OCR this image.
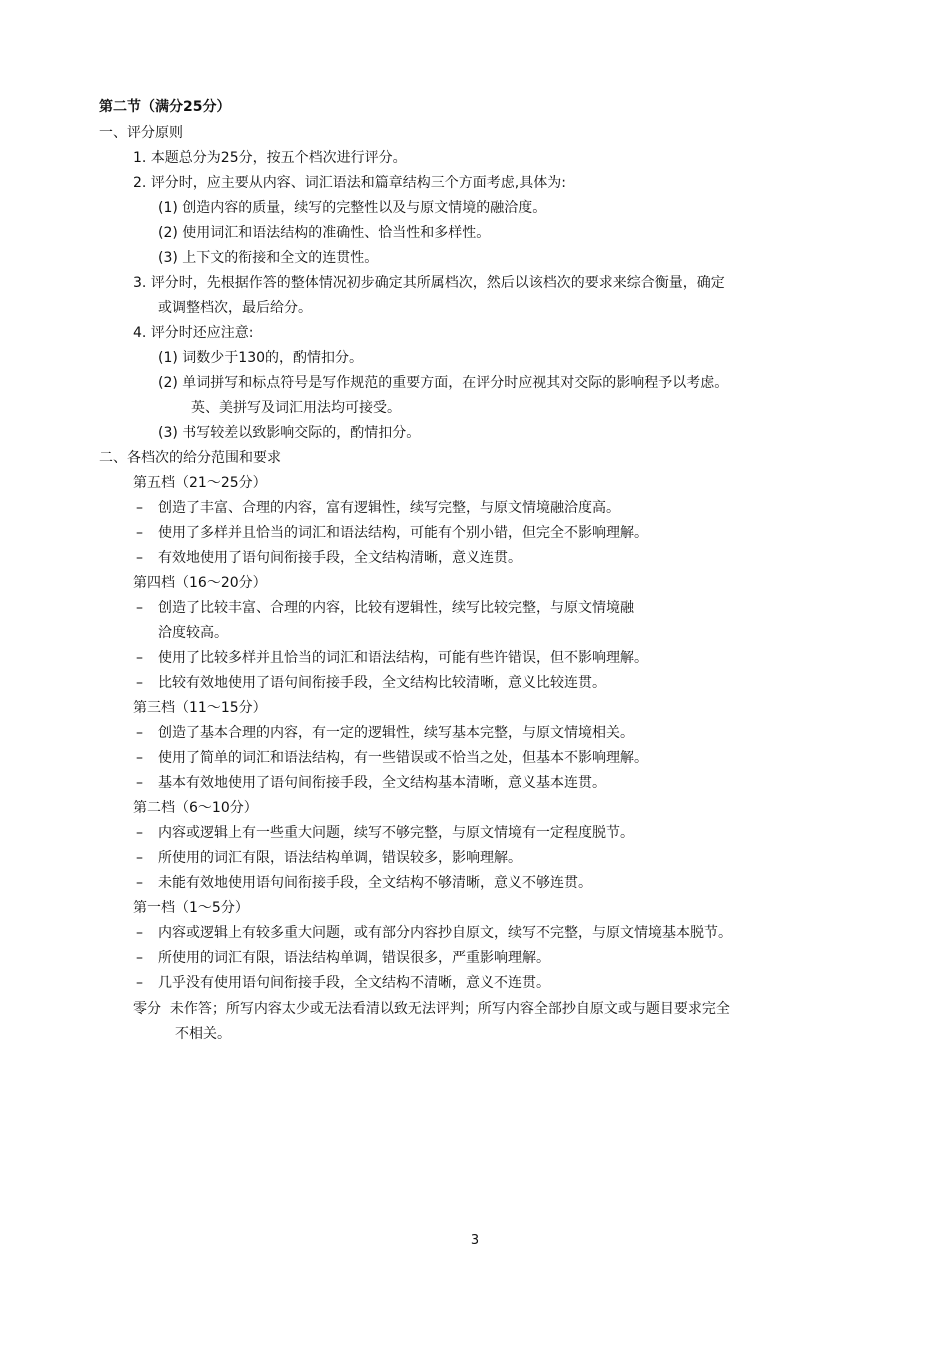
第二节（满分25分）
一、评分原则
1. 本题总分为25分，按五个档次进行评分。
2. 评分时，应主要从内容、词汇语法和篇章结构三个方面考虑,具体为:
(1) 创造内容的质量，续写的完整性以及与原文情境的融洽度。
(2) 使用词汇和语法结构的准确性、恰当性和多样性。
(3) 上下文的衔接和全文的连贯性。
3. 评分时，先根据作答的整体情况初步确定其所属档次，然后以该档次的要求来综合衡量，确定
或调整档次，最后给分。
4. 评分时还应注意:
(1) 词数少于130的，酌情扣分。
(2) 单词拼写和标点符号是写作规范的重要方面，在评分时应视其对交际的影响程予以考虑。
英、美拼写及词汇用法均可接受。
(3) 书写较差以致影响交际的，酌情扣分。
二、各档次的给分范围和要求
第五档（21～25分）
– 创造了丰富、合理的内容，富有逻辑性，续写完整，与原文情境融洽度高。
– 使用了多样并且恰当的词汇和语法结构，可能有个别小错，但完全不影响理解。
– 有效地使用了语句间衔接手段，全文结构清晰，意义连贯。
第四档（16～20分）
– 创造了比较丰富、合理的内容，比较有逻辑性，续写比较完整，与原文情境融
洽度较高。
– 使用了比较多样并且恰当的词汇和语法结构，可能有些许错误，但不影响理解。
– 比较有效地使用了语句间衔接手段，全文结构比较清晰，意义比较连贯。
第三档（11～15分）
– 创造了基本合理的内容，有一定的逻辑性，续写基本完整，与原文情境相关。
– 使用了简单的词汇和语法结构，有一些错误或不恰当之处，但基本不影响理解。
– 基本有效地使用了语句间衔接手段，全文结构基本清晰，意义基本连贯。
第二档（6～10分）
– 内容或逻辑上有一些重大问题，续写不够完整，与原文情境有一定程度脱节。
– 所使用的词汇有限，语法结构单调，错误较多，影响理解。
– 未能有效地使用语句间衔接手段，全文结构不够清晰，意义不够连贯。
第一档（1～5分）
– 内容或逻辑上有较多重大问题，或有部分内容抄自原文，续写不完整，与原文情境基本脱节。
– 所使用的词汇有限，语法结构单调，错误很多，严重影响理解。
– 几乎没有使用语句间衔接手段，全文结构不清晰，意义不连贯。
零分 未作答；所写内容太少或无法看清以致无法评判；所写内容全部抄自原文或与题目要求完全
不相关。
3
